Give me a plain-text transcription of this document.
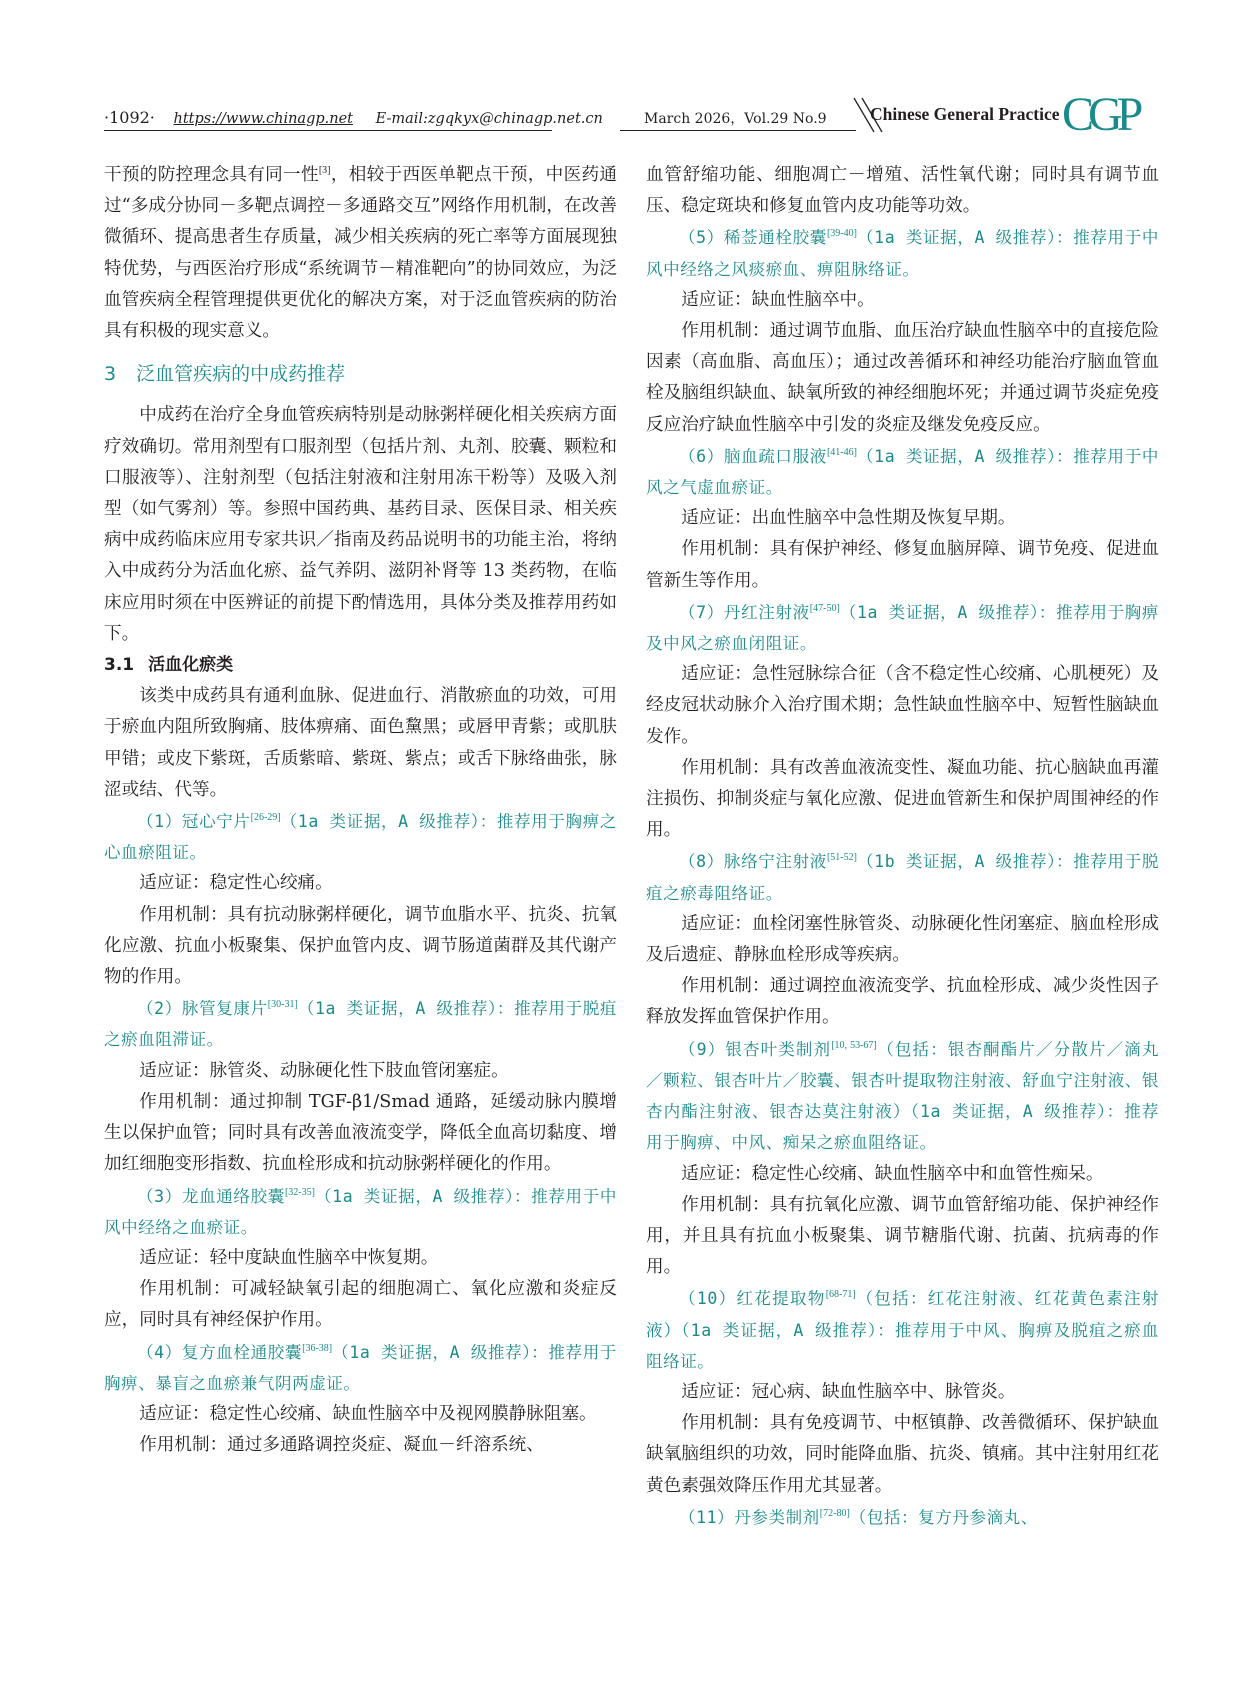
·1092· https://www.chinagp.net E-mail:zgqkyx@chinagp.net.cn	March 2026，Vol.29 No.9 Chinese General Practice CGP

干预的防控理念具有同一性[3]，相较于西医单靶点干预，中医药通过“多成分协同－多靶点调控－多通路交互”网络作用机制，在改善微循环、提高患者生存质量，减少相关疾病的死亡率等方面展现独特优势，与西医治疗形成“系统调节－精准靶向”的协同效应，为泛血管疾病全程管理提供更优化的解决方案，对于泛血管疾病的防治具有积极的现实意义。

3 泛血管疾病的中成药推荐

中成药在治疗全身血管疾病特别是动脉粥样硬化相关疾病方面疗效确切。常用剂型有口服剂型（包括片剂、丸剂、胶囊、颗粒和口服液等）、注射剂型（包括注射液和注射用冻干粉等）及吸入剂型（如气雾剂）等。参照中国药典、基药目录、医保目录、相关疾病中成药临床应用专家共识／指南及药品说明书的功能主治，将纳入中成药分为活血化瘀、益气养阴、滋阴补肾等 13 类药物，在临床应用时须在中医辨证的前提下酌情选用，具体分类及推荐用药如下。

3.1 活血化瘀类

该类中成药具有通利血脉、促进血行、消散瘀血的功效，可用于瘀血内阻所致胸痛、肢体痹痛、面色黧黑；或唇甲青紫；或肌肤甲错；或皮下紫斑，舌质紫暗、紫斑、紫点；或舌下脉络曲张，脉涩或结、代等。

（1）冠心宁片[26-29]（1a 类证据，A 级推荐）：推荐用于胸痹之心血瘀阻证。

适应证：稳定性心绞痛。

作用机制：具有抗动脉粥样硬化，调节血脂水平、抗炎、抗氧化应激、抗血小板聚集、保护血管内皮、调节肠道菌群及其代谢产物的作用。

（2）脉管复康片[30-31]（1a 类证据，A 级推荐）：推荐用于脱疽之瘀血阻滞证。

适应证：脉管炎、动脉硬化性下肢血管闭塞症。

作用机制：通过抑制 TGF-β1/Smad 通路，延缓动脉内膜增生以保护血管；同时具有改善血液流变学，降低全血高切黏度、增加红细胞变形指数、抗血栓形成和抗动脉粥样硬化的作用。

（3）龙血通络胶囊[32-35]（1a 类证据，A 级推荐）：推荐用于中风中经络之血瘀证。

适应证：轻中度缺血性脑卒中恢复期。

作用机制：可减轻缺氧引起的细胞凋亡、氧化应激和炎症反应，同时具有神经保护作用。

（4）复方血栓通胶囊[36-38]（1a 类证据，A 级推荐）：推荐用于胸痹、暴盲之血瘀兼气阴两虚证。

适应证：稳定性心绞痛、缺血性脑卒中及视网膜静脉阻塞。

作用机制：通过多通路调控炎症、凝血－纤溶系统、

血管舒缩功能、细胞凋亡－增殖、活性氧代谢；同时具有调节血压、稳定斑块和修复血管内皮功能等功效。

（5）稀莶通栓胶囊[39-40]（1a 类证据，A 级推荐）：推荐用于中风中经络之风痰瘀血、痹阻脉络证。

适应证：缺血性脑卒中。

作用机制：通过调节血脂、血压治疗缺血性脑卒中的直接危险因素（高血脂、高血压）；通过改善循环和神经功能治疗脑血管血栓及脑组织缺血、缺氧所致的神经细胞坏死；并通过调节炎症免疫反应治疗缺血性脑卒中引发的炎症及继发免疫反应。

（6）脑血疏口服液[41-46]（1a 类证据，A 级推荐）：推荐用于中风之气虚血瘀证。

适应证：出血性脑卒中急性期及恢复早期。

作用机制：具有保护神经、修复血脑屏障、调节免疫、促进血管新生等作用。

（7）丹红注射液[47-50]（1a 类证据，A 级推荐）：推荐用于胸痹及中风之瘀血闭阻证。

适应证：急性冠脉综合征（含不稳定性心绞痛、心肌梗死）及经皮冠状动脉介入治疗围术期；急性缺血性脑卒中、短暂性脑缺血发作。

作用机制：具有改善血液流变性、凝血功能、抗心脑缺血再灌注损伤、抑制炎症与氧化应激、促进血管新生和保护周围神经的作用。

（8）脉络宁注射液[51-52]（1b 类证据，A 级推荐）：推荐用于脱疽之瘀毒阻络证。

适应证：血栓闭塞性脉管炎、动脉硬化性闭塞症、脑血栓形成及后遗症、静脉血栓形成等疾病。

作用机制：通过调控血液流变学、抗血栓形成、减少炎性因子释放发挥血管保护作用。

（9）银杏叶类制剂[10, 53-67]（包括：银杏酮酯片／分散片／滴丸／颗粒、银杏叶片／胶囊、银杏叶提取物注射液、舒血宁注射液、银杏内酯注射液、银杏达莫注射液）（1a 类证据，A 级推荐）：推荐用于胸痹、中风、痴呆之瘀血阻络证。

适应证：稳定性心绞痛、缺血性脑卒中和血管性痴呆。

作用机制：具有抗氧化应激、调节血管舒缩功能、保护神经作用，并且具有抗血小板聚集、调节糖脂代谢、抗菌、抗病毒的作用。

（10）红花提取物[68-71]（包括：红花注射液、红花黄色素注射液）（1a 类证据，A 级推荐）：推荐用于中风、胸痹及脱疽之瘀血阻络证。

适应证：冠心病、缺血性脑卒中、脉管炎。

作用机制：具有免疫调节、中枢镇静、改善微循环、保护缺血缺氧脑组织的功效，同时能降血脂、抗炎、镇痛。其中注射用红花黄色素强效降压作用尤其显著。

（11）丹参类制剂[72-80]（包括：复方丹参滴丸、
